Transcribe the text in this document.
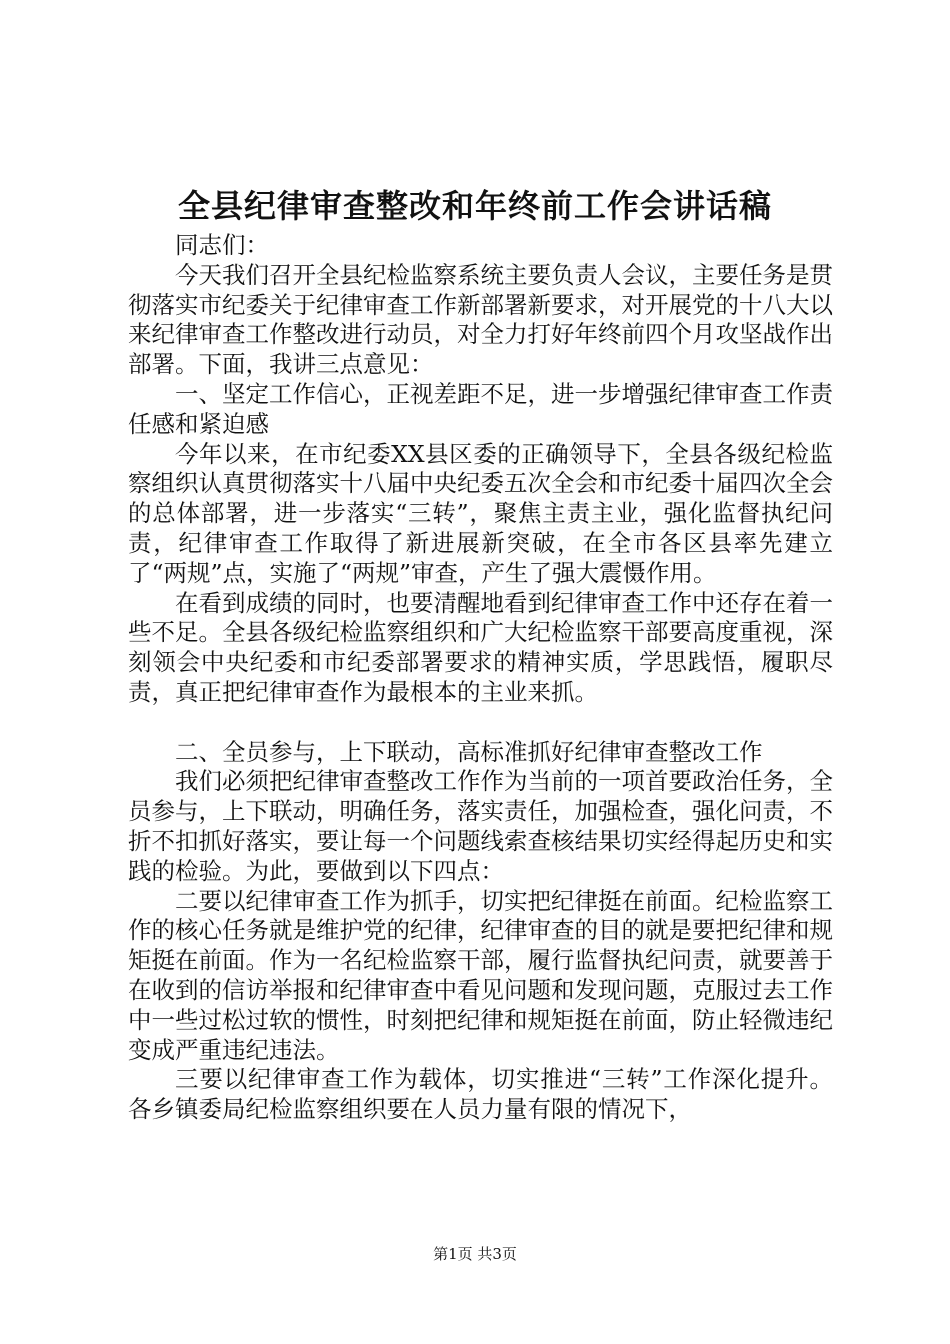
全县纪律审查整改和年终前工作会讲话稿

同志们：

今天我们召开全县纪检监察系统主要负责人会议，主要任务是贯彻落实市纪委关于纪律审查工作新部署新要求，对开展党的十八大以来纪律审查工作整改进行动员，对全力打好年终前四个月攻坚战作出部署。下面，我讲三点意见：

一、坚定工作信心，正视差距不足，进一步增强纪律审查工作责任感和紧迫感

今年以来，在市纪委XX县区委的正确领导下，全县各级纪检监察组织认真贯彻落实十八届中央纪委五次全会和市纪委十届四次全会的总体部署，进一步落实“三转”，聚焦主责主业，强化监督执纪问责，纪律审查工作取得了新进展新突破，在全市各区县率先建立了“两规”点，实施了“两规”审查，产生了强大震慑作用。

在看到成绩的同时，也要清醒地看到纪律审查工作中还存在着一些不足。全县各级纪检监察组织和广大纪检监察干部要高度重视，深刻领会中央纪委和市纪委部署要求的精神实质，学思践悟，履职尽责，真正把纪律审查作为最根本的主业来抓。

二、全员参与，上下联动，高标准抓好纪律审查整改工作

我们必须把纪律审查整改工作作为当前的一项首要政治任务，全员参与，上下联动，明确任务，落实责任，加强检查，强化问责，不折不扣抓好落实，要让每一个问题线索查核结果切实经得起历史和实践的检验。为此，要做到以下四点：

二要以纪律审查工作为抓手，切实把纪律挺在前面。纪检监察工作的核心任务就是维护党的纪律，纪律审查的目的就是要把纪律和规矩挺在前面。作为一名纪检监察干部，履行监督执纪问责，就要善于在收到的信访举报和纪律审查中看见问题和发现问题，克服过去工作中一些过松过软的惯性，时刻把纪律和规矩挺在前面，防止轻微违纪变成严重违纪违法。

三要以纪律审查工作为载体，切实推进“三转”工作深化提升。各乡镇委局纪检监察组织要在人员力量有限的情况下，

第1页 共3页
